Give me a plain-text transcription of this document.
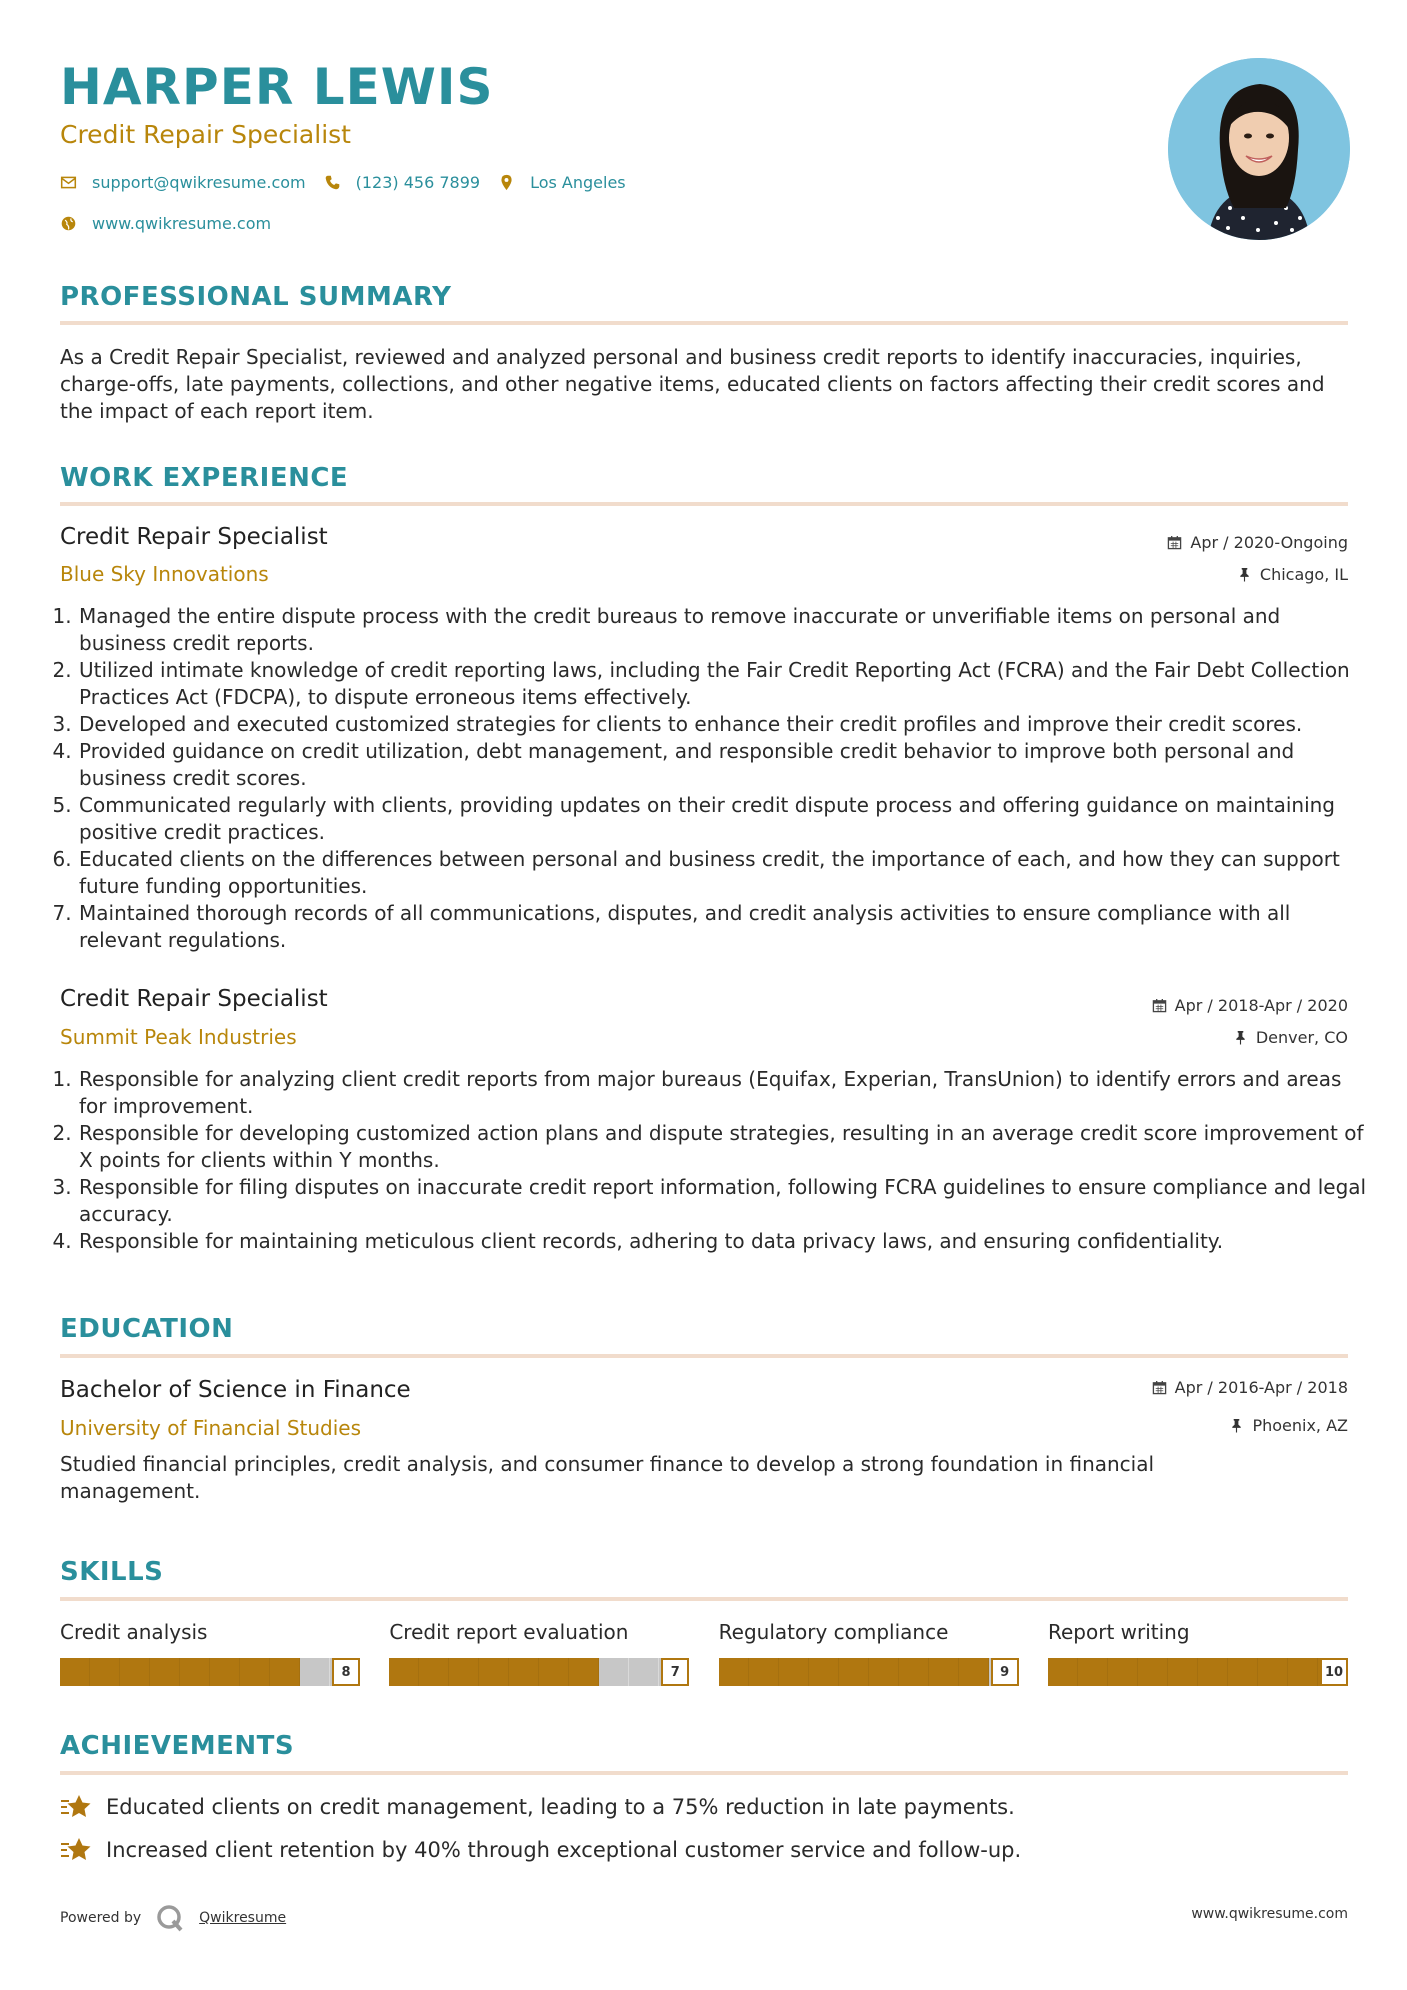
HARPER LEWIS
Credit Repair Specialist
support@qwikresume.com	(123) 456 7899	Los Angeles
www.qwikresume.com
PROFESSIONAL SUMMARY

As a Credit Repair Specialist, reviewed and analyzed personal and business credit reports to identify inaccuracies, inquiries, charge-offs, late payments, collections, and other negative items, educated clients on factors affecting their credit scores and the impact of each report item.

WORK EXPERIENCE
Credit Repair Specialist
Blue Sky Innovations
Apr / 2020-Ongoing
Chicago, IL
1. Managed the entire dispute process with the credit bureaus to remove inaccurate or unverifiable items on personal and business credit reports.
2. Utilized intimate knowledge of credit reporting laws, including the Fair Credit Reporting Act (FCRA) and the Fair Debt Collection Practices Act (FDCPA), to dispute erroneous items effectively.
3. Developed and executed customized strategies for clients to enhance their credit profiles and improve their credit scores.
4. Provided guidance on credit utilization, debt management, and responsible credit behavior to improve both personal and business credit scores.
5. Communicated regularly with clients, providing updates on their credit dispute process and offering guidance on maintaining positive credit practices.
6. Educated clients on the differences between personal and business credit, the importance of each, and how they can support future funding opportunities.
7. Maintained thorough records of all communications, disputes, and credit analysis activities to ensure compliance with all relevant regulations.
Credit Repair Specialist
Summit Peak Industries
Apr / 2018-Apr / 2020
Denver, CO
1. Responsible for analyzing client credit reports from major bureaus (Equifax, Experian, TransUnion) to identify errors and areas for improvement.
2. Responsible for developing customized action plans and dispute strategies, resulting in an average credit score improvement of X points for clients within Y months.
3. Responsible for filing disputes on inaccurate credit report information, following FCRA guidelines to ensure compliance and legal accuracy.
4. Responsible for maintaining meticulous client records, adhering to data privacy laws, and ensuring confidentiality.
EDUCATION
Bachelor of Science in Finance
University of Financial Studies
Apr / 2016-Apr / 2018
Phoenix, AZ

Studied financial principles, credit analysis, and consumer finance to develop a strong foundation in financial management.

SKILLS
Credit analysis
8
Credit report evaluation
7
Regulatory compliance
9
Report writing
10
ACHIEVEMENTS
Educated clients on credit management, leading to a 75% reduction in late payments.
Increased client retention by 40% through exceptional customer service and follow-up.
Powered by	Qwikresume	www.qwikresume.com
